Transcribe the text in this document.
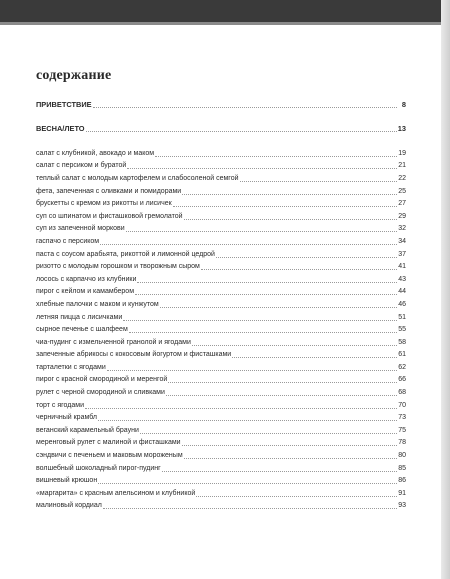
содержание
ПРИВЕТСТВИЕ	8
ВЕСНА/ЛЕТО	13
салат с клубникой, авокадо и маком	19
салат с персиком и буратой	21
теплый салат с молодым картофелем и слабосоленой семгой	22
фета, запеченная с оливками и помидорами	25
брускетты с кремом из рикотты и лисичек	27
суп со шпинатом и фисташковой гремолатой	29
суп из запеченной моркови	32
гаспачо с персиком	34
паста с соусом арабьята, рикоттой и лимонной цедрой	37
ризотто с молодым горошком и творожным сыром	41
лосось с карпаччо из клубники	43
пирог с кейлом и камамбером	44
хлебные палочки с маком и кунжутом	46
летняя пицца с лисичками	51
сырное печенье с шалфеем	55
чиа-пудинг с измельченной гранолой и ягодами	58
запеченные абрикосы с кокосовым йогуртом и фисташками	61
тарталетки с ягодами	62
пирог с красной смородиной и меренгой	66
рулет с черной смородиной и сливками	68
торт с ягодами	70
черничный крамбл	73
веганский карамельный брауни	75
меренговый рулет с малиной и фисташками	78
сэндвичи с печеньем и маковым мороженым	80
волшебный шоколадный пирог-пудинг	85
вишневый крюшон	86
«маргарита» с красным апельсином и клубникой	91
малиновый кордиал	93
